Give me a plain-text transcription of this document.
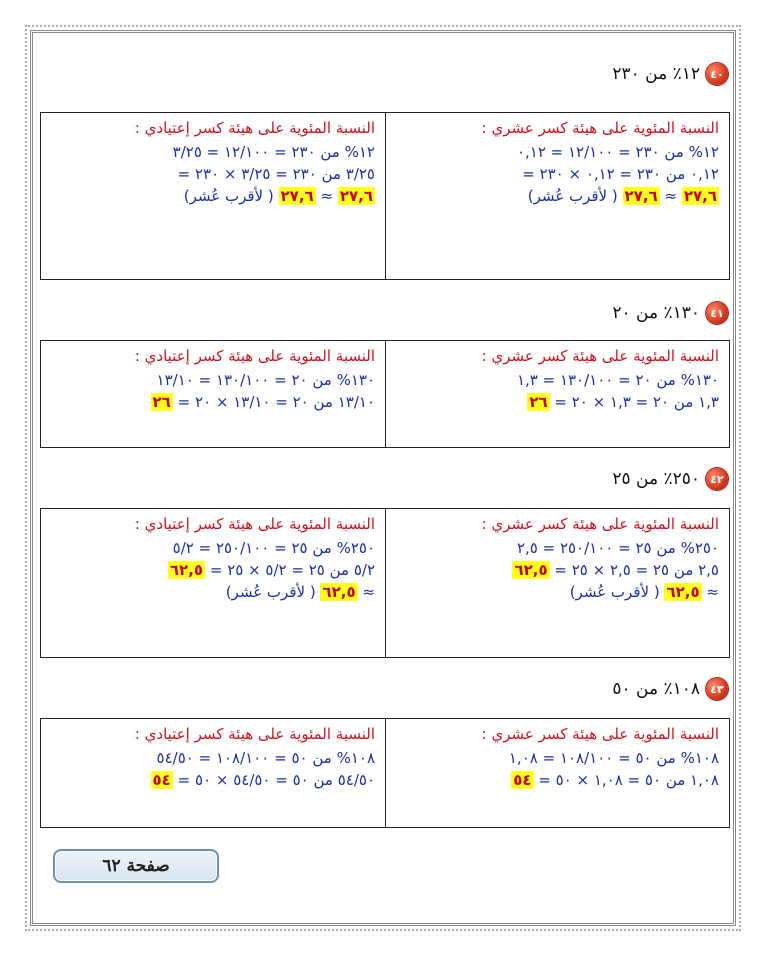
٤٠
١٢٪ من ٢٣٠
النسبة المئوية على هيئة كسر إعتيادي :
١٢% من ٢٣٠ = ١٢/١٠٠ = ٣/٢٥
٣/٢٥ من ٢٣٠ = ٣/٢٥ × ٢٣٠ =
٢٧,٦ ≈ ٢٧,٦ ( لأقرب عُشر)
النسبة المئوية على هيئة كسر عشري :
١٢% من ٢٣٠ = ١٢/١٠٠ = ٠,١٢
٠,١٢ من ٢٣٠ = ٠,١٢ × ٢٣٠ =
٢٧,٦ ≈ ٢٧,٦ ( لأقرب عُشر)
٤١
١٣٠٪ من ٢٠
النسبة المئوية على هيئة كسر إعتيادي :
١٣٠% من ٢٠ = ١٣٠/١٠٠ = ١٣/١٠
١٣/١٠ من ٢٠ = ١٣/١٠ × ٢٠ = ٢٦
النسبة المئوية على هيئة كسر عشري :
١٣٠% من ٢٠ = ١٣٠/١٠٠ = ١,٣
١,٣ من ٢٠ = ١,٣ × ٢٠ = ٢٦
٤٢
٢٥٠٪ من ٢٥
النسبة المئوية على هيئة كسر إعتيادي :
٢٥٠% من ٢٥ = ٢٥٠/١٠٠ = ٥/٢
٥/٢ من ٢٥ = ٥/٢ × ٢٥ = ٦٢,٥
≈ ٦٢,٥ ( لأقرب عُشر)
النسبة المئوية على هيئة كسر عشري :
٢٥٠% من ٢٥ = ٢٥٠/١٠٠ = ٢,٥
٢,٥ من ٢٥ = ٢,٥ × ٢٥ = ٦٢,٥
≈ ٦٢,٥ ( لأقرب عُشر)
٤٣
١٠٨٪ من ٥٠
النسبة المئوية على هيئة كسر إعتيادي :
١٠٨% من ٥٠ = ١٠٨/١٠٠ = ٥٤/٥٠
٥٤/٥٠ من ٥٠ = ٥٤/٥٠ × ٥٠ = ٥٤
النسبة المئوية على هيئة كسر عشري :
١٠٨% من ٥٠ = ١٠٨/١٠٠ = ١,٠٨
١,٠٨ من ٥٠ = ١,٠٨ × ٥٠ = ٥٤
صفحة ٦٢
